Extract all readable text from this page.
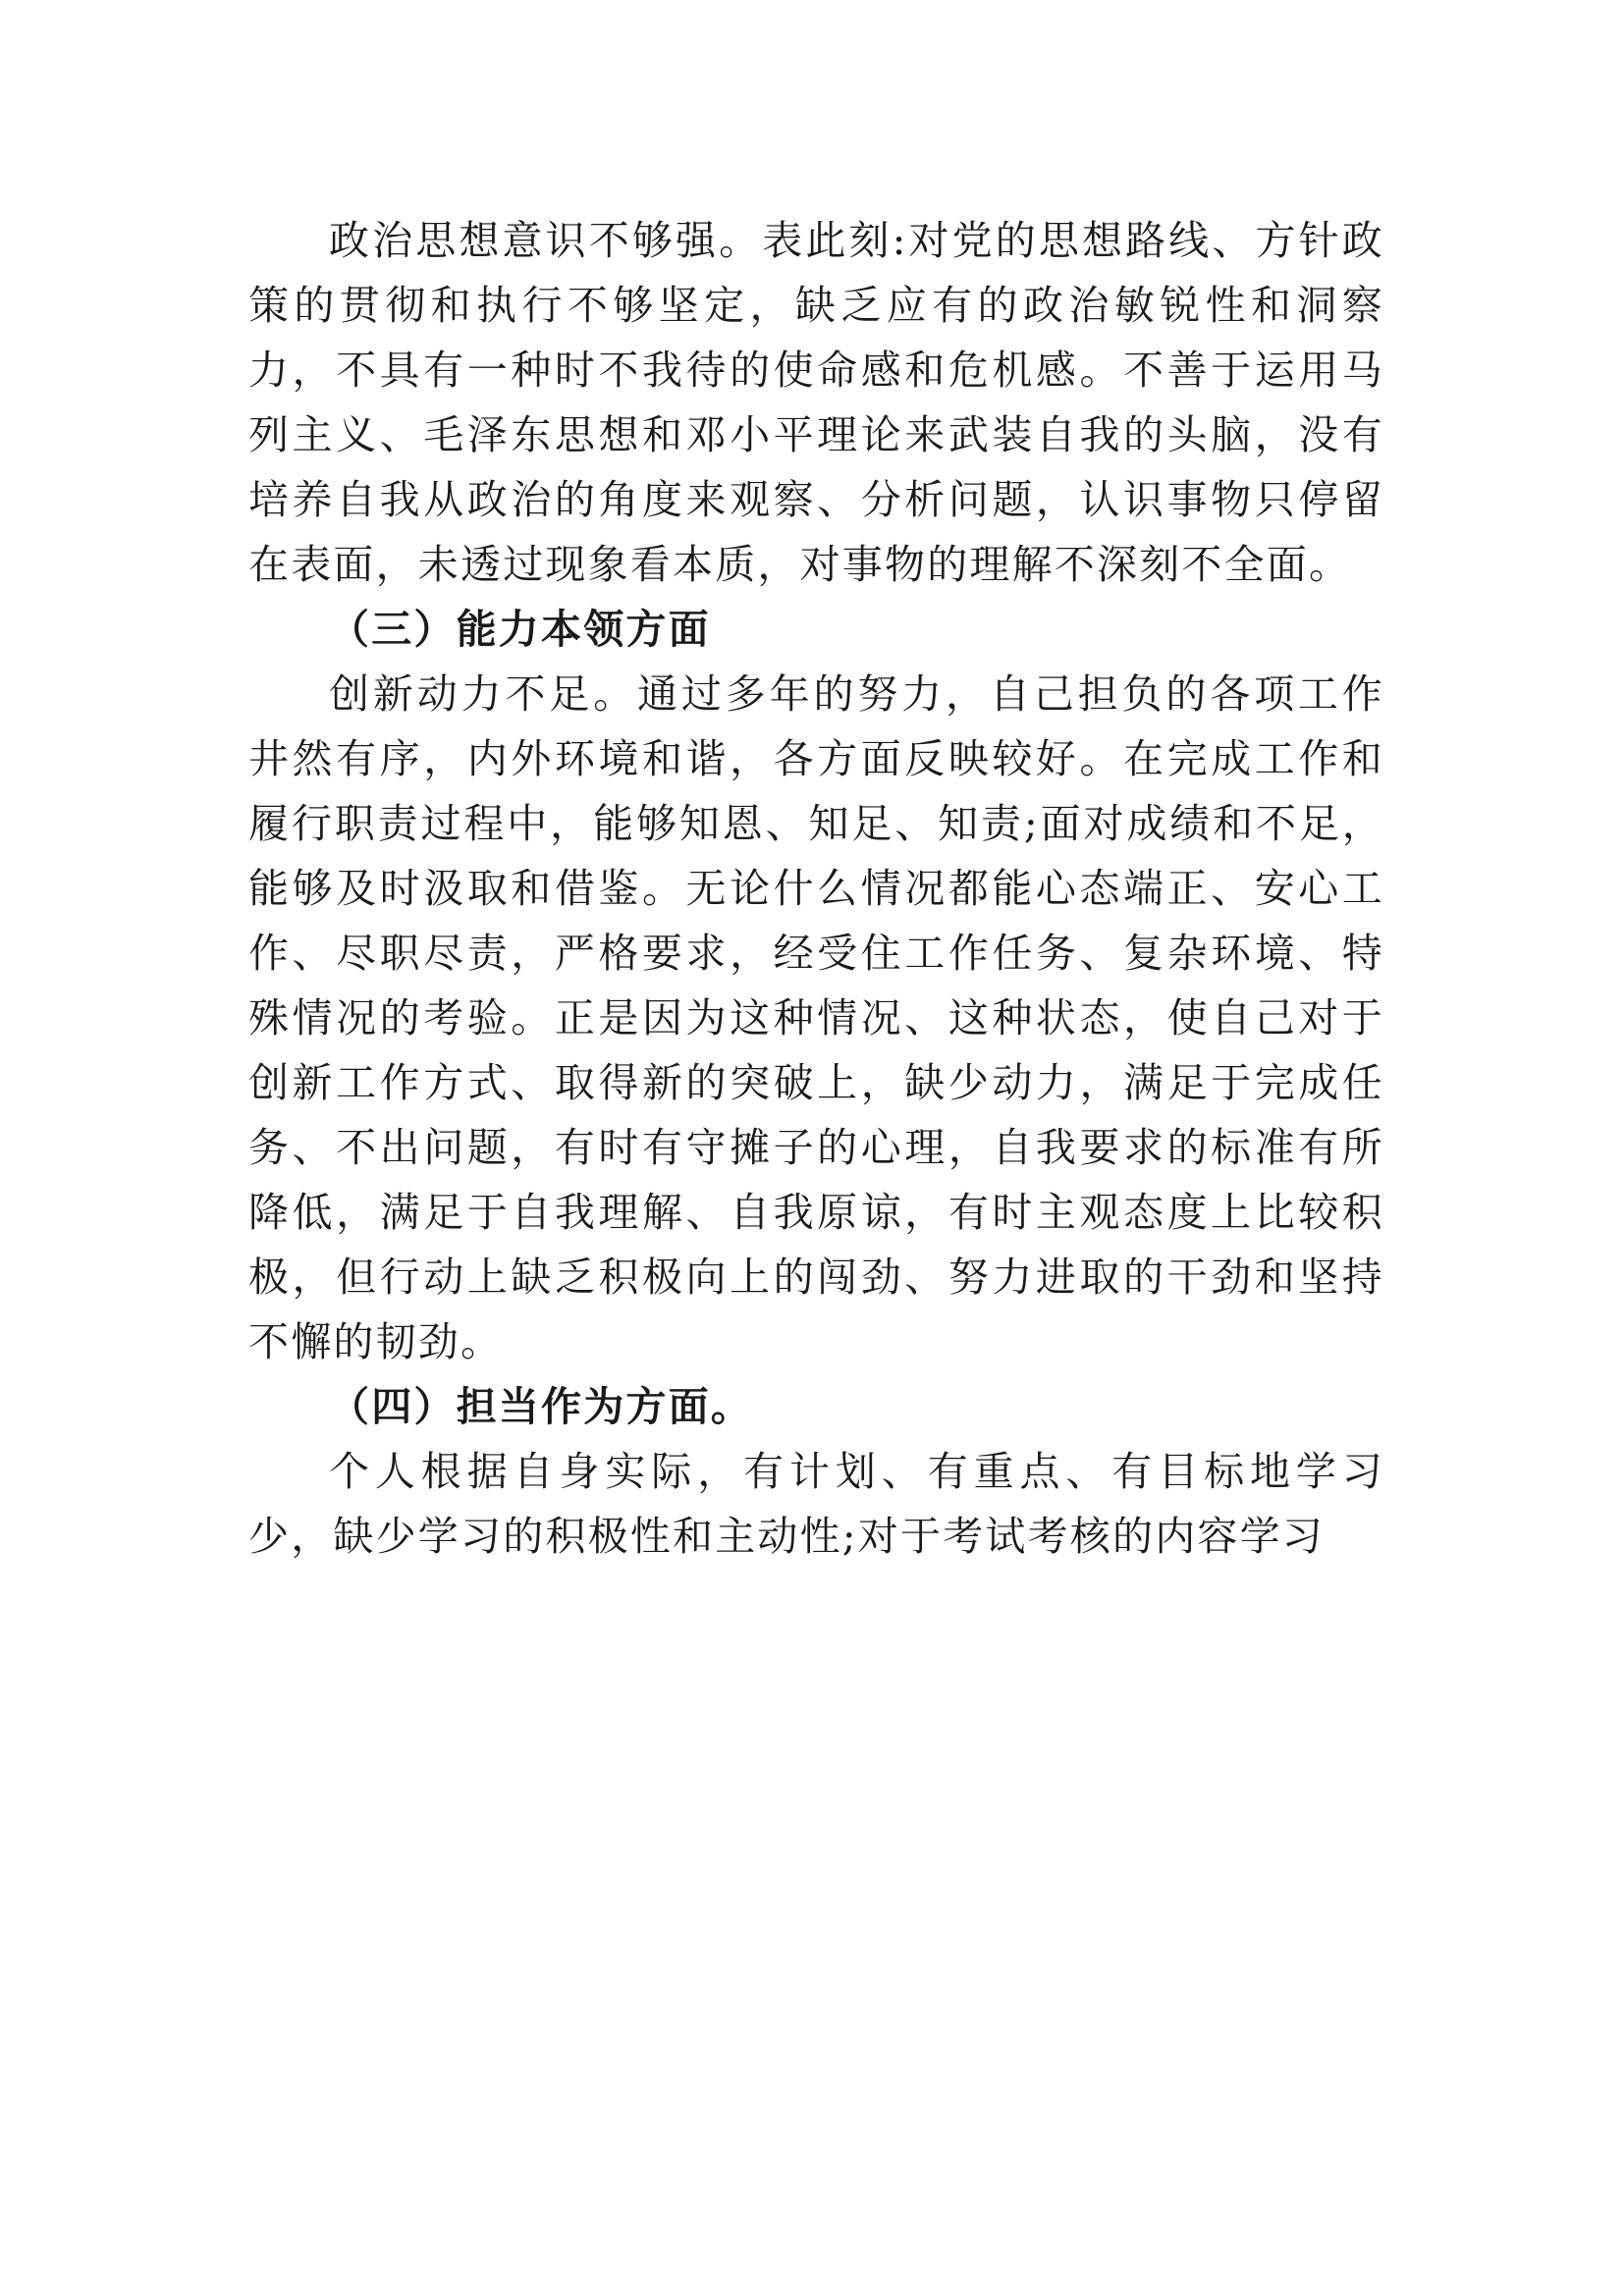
政治思想意识不够强。表此刻:对党的思想路线、方针政策的贯彻和执行不够坚定，缺乏应有的政治敏锐性和洞察力，不具有一种时不我待的使命感和危机感。不善于运用马列主义、毛泽东思想和邓小平理论来武装自我的头脑，没有培养自我从政治的角度来观察、分析问题，认识事物只停留在表面，未透过现象看本质，对事物的理解不深刻不全面。

（三）能力本领方面

创新动力不足。通过多年的努力，自己担负的各项工作井然有序，内外环境和谐，各方面反映较好。在完成工作和履行职责过程中，能够知恩、知足、知责;面对成绩和不足，能够及时汲取和借鉴。无论什么情况都能心态端正、安心工作、尽职尽责，严格要求，经受住工作任务、复杂环境、特殊情况的考验。正是因为这种情况、这种状态，使自己对于创新工作方式、取得新的突破上，缺少动力，满足于完成任务、不出问题，有时有守摊子的心理，自我要求的标准有所降低，满足于自我理解、自我原谅，有时主观态度上比较积极，但行动上缺乏积极向上的闯劲、努力进取的干劲和坚持不懈的韧劲。

（四）担当作为方面。

个人根据自身实际，有计划、有重点、有目标地学习少，缺少学习的积极性和主动性;对于考试考核的内容学习
